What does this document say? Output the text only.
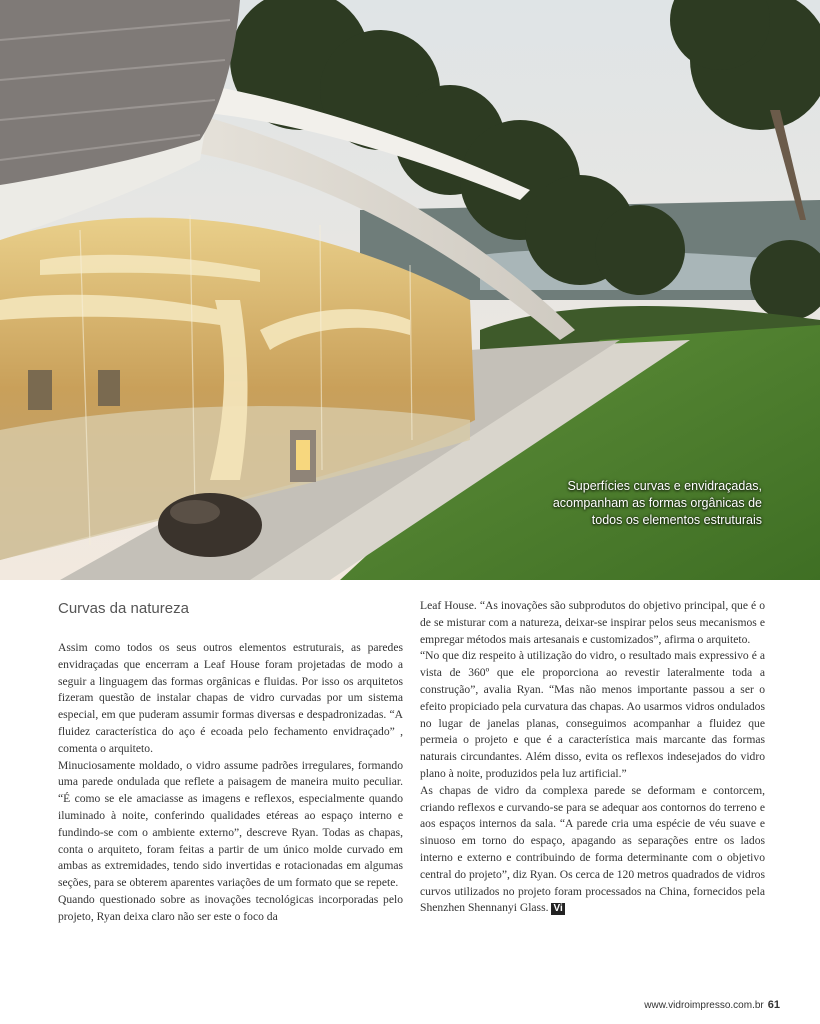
Superfícies curvas e envidraçadas, acompanham as formas orgânicas de todos os elementos estruturais
Curvas da natureza

Assim como todos os seus outros elementos estruturais, as paredes envidraçadas que encerram a Leaf House foram projetadas de modo a seguir a linguagem das formas orgânicas e fluidas. Por isso os arquitetos fizeram questão de instalar chapas de vidro curvadas por um sistema especial, em que puderam assumir formas diversas e despadronizadas. “A fluidez característica do aço é ecoada pelo fechamento envidraçado” , comenta o arquiteto.

Minuciosamente moldado, o vidro assume padrões irregulares, formando uma parede ondulada que reflete a paisagem de maneira muito peculiar. “É como se ele amaciasse as imagens e reflexos, especialmente quando iluminado à noite, conferindo qualidades etéreas ao espaço interno e fundindo-se com o ambiente externo”, descreve Ryan. Todas as chapas, conta o arquiteto, foram feitas a partir de um único molde curvado em ambas as extremidades, tendo sido invertidas e rotacionadas em algumas seções, para se obterem aparentes variações de um formato que se repete.

Quando questionado sobre as inovações tecnológicas incorporadas pelo projeto, Ryan deixa claro não ser este o foco da

Leaf House. “As inovações são subprodutos do objetivo principal, que é o de se misturar com a natureza, deixar-se inspirar pelos seus mecanismos e empregar métodos mais artesanais e customizados”, afirma o arquiteto.

“No que diz respeito à utilização do vidro, o resultado mais expressivo é a vista de 360º que ele proporciona ao revestir lateralmente toda a construção”, avalia Ryan. “Mas não menos importante passou a ser o efeito propiciado pela curvatura das chapas. Ao usarmos vidros ondulados no lugar de janelas planas, conseguimos acompanhar a fluidez que permeia o projeto e que é a característica mais marcante das formas naturais circundantes. Além disso, evita os reflexos indesejados do vidro plano à noite, produzidos pela luz artificial.”

As chapas de vidro da complexa parede se deformam e contorcem, criando reflexos e curvando-se para se adequar aos contornos do terreno e aos espaços internos da sala. “A parede cria uma espécie de véu suave e sinuoso em torno do espaço, apagando as separações entre os lados interno e externo e contribuindo de forma determinante com o objetivo central do projeto”, diz Ryan. Os cerca de 120 metros quadrados de vidros curvos utilizados no projeto foram processados na China, fornecidos pela Shenzhen Shennanyi Glass. Vi

www.vidroimpresso.com.br 61
